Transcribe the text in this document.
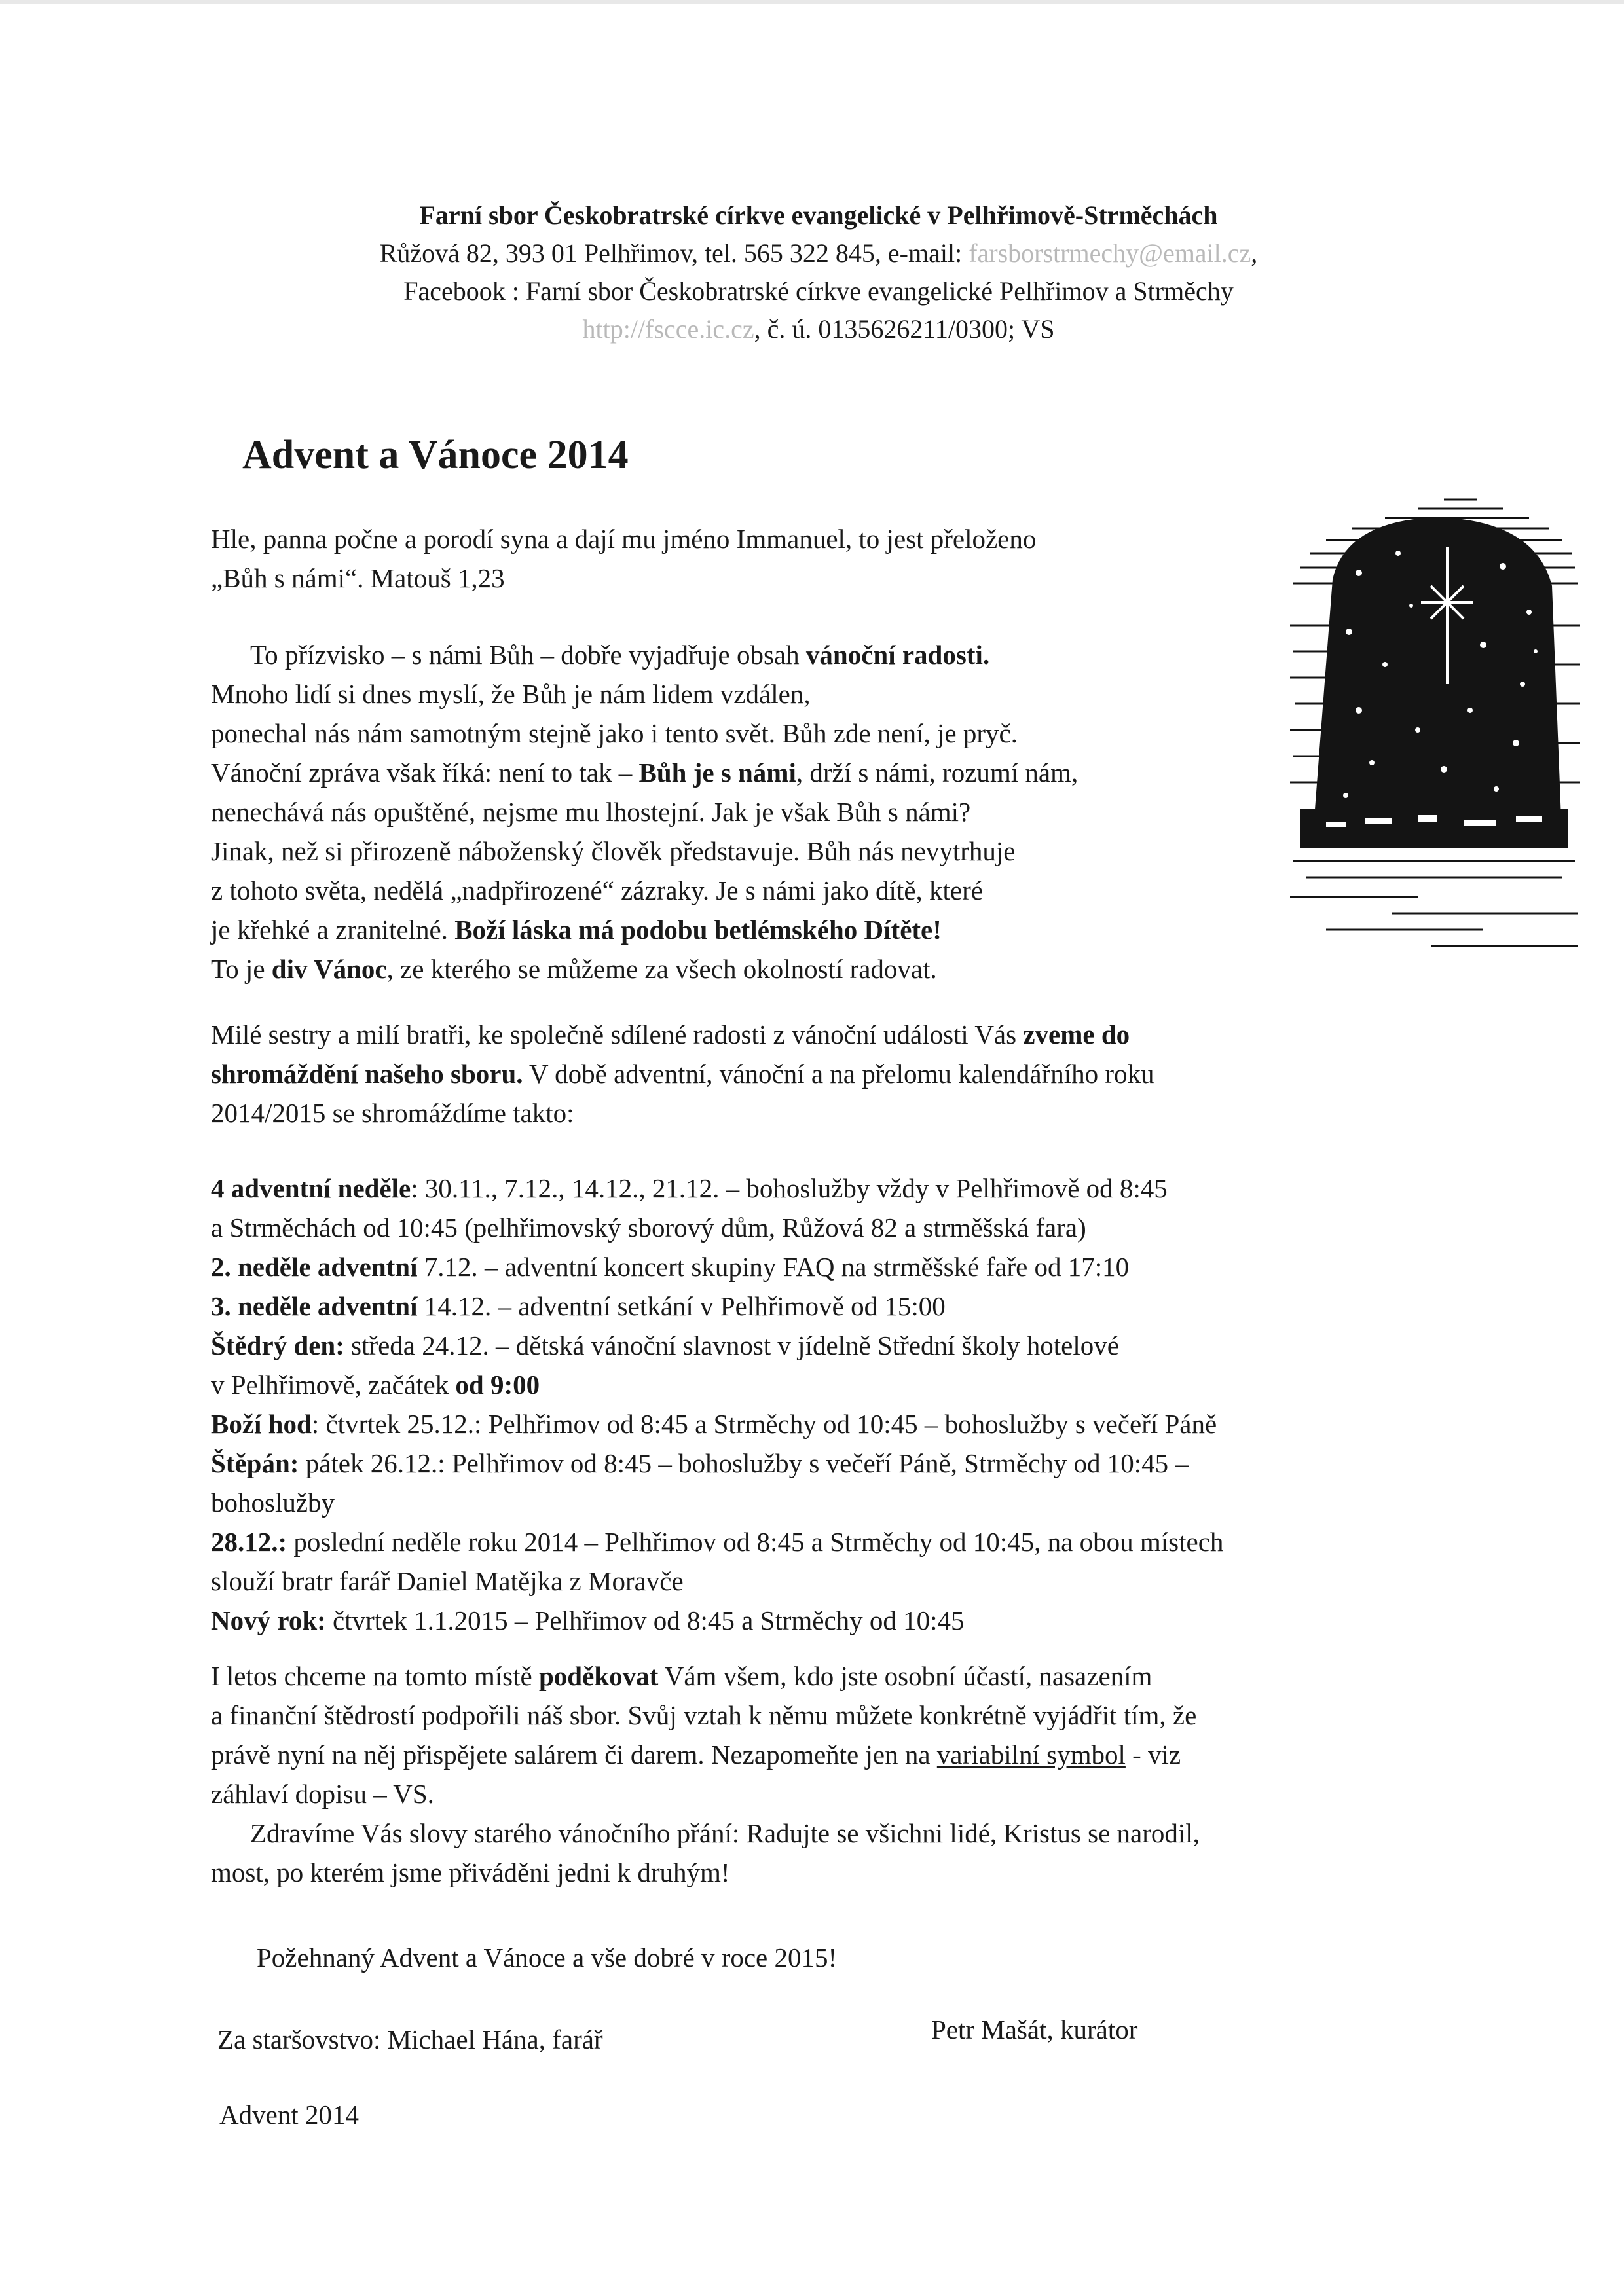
Farní sbor Českobratrské církve evangelické v Pelhřimově-Strměchách
Růžová 82, 393 01 Pelhřimov, tel. 565 322 845, e-mail: farsborstrmechy@email.cz,
Facebook : Farní sbor Českobratrské církve evangelické Pelhřimov a Strměchy
http://fscce.ic.cz, č. ú. 0135626211/0300; VS
Advent a Vánoce 2014
Hle, panna počne a porodí syna a dají mu jméno Immanuel, to jest přeloženo
„Bůh s námi“. Matouš 1,23
To přízvisko – s námi Bůh – dobře vyjadřuje obsah vánoční radosti.
Mnoho lidí si dnes myslí, že Bůh je nám lidem vzdálen,
ponechal nás nám samotným stejně jako i tento svět. Bůh zde není, je pryč.
Vánoční zpráva však říká: není to tak – Bůh je s námi, drží s námi, rozumí nám,
nenechává nás opuštěné, nejsme mu lhostejní. Jak je však Bůh s námi?
Jinak, než si přirozeně náboženský člověk představuje. Bůh nás nevytrhuje
z tohoto světa, nedělá „nadpřirozené“ zázraky. Je s námi jako dítě, které
je křehké a zranitelné. Boží láska má podobu betlémského Dítěte!
To je div Vánoc, ze kterého se můžeme za všech okolností radovat.
Milé sestry a milí bratři, ke společně sdílené radosti z vánoční události Vás zveme do
shromáždění našeho sboru. V době adventní, vánoční a na přelomu kalendářního roku
2014/2015 se shromáždíme takto:
4 adventní neděle: 30.11., 7.12., 14.12., 21.12. – bohoslužby vždy v Pelhřimově od 8:45
a Strměchách od 10:45 (pelhřimovský sborový dům, Růžová 82 a strměšská fara)
2. neděle adventní 7.12. – adventní koncert skupiny FAQ na strměšské faře od 17:10
3. neděle adventní 14.12. – adventní setkání v Pelhřimově od 15:00
Štědrý den: středa 24.12. – dětská vánoční slavnost v jídelně Střední školy hotelové
v Pelhřimově, začátek od 9:00
Boží hod: čtvrtek 25.12.: Pelhřimov od 8:45 a Strměchy od 10:45 – bohoslužby s večeří Páně
Štěpán: pátek 26.12.: Pelhřimov od 8:45 – bohoslužby s večeří Páně, Strměchy od 10:45 –
bohoslužby
28.12.: poslední neděle roku 2014 – Pelhřimov od 8:45 a Strměchy od 10:45, na obou místech
slouží bratr farář Daniel Matějka z Moravče
Nový rok: čtvrtek 1.1.2015 – Pelhřimov od 8:45 a Strměchy od 10:45
I letos chceme na tomto místě poděkovat Vám všem, kdo jste osobní účastí, nasazením
a finanční štědrostí podpořili náš sbor. Svůj vztah k němu můžete konkrétně vyjádřit tím, že
právě nyní na něj přispějete salárem či darem. Nezapomeňte jen na variabilní symbol - viz
záhlaví dopisu – VS.
Zdravíme Vás slovy starého vánočního přání: Radujte se všichni lidé, Kristus se narodil,
most, po kterém jsme přiváděni jedni k druhým!
Požehnaný Advent a Vánoce a vše dobré v roce 2015!
Za staršovstvo: Michael Hána, farář	Petr Mašát, kurátor
Advent 2014
